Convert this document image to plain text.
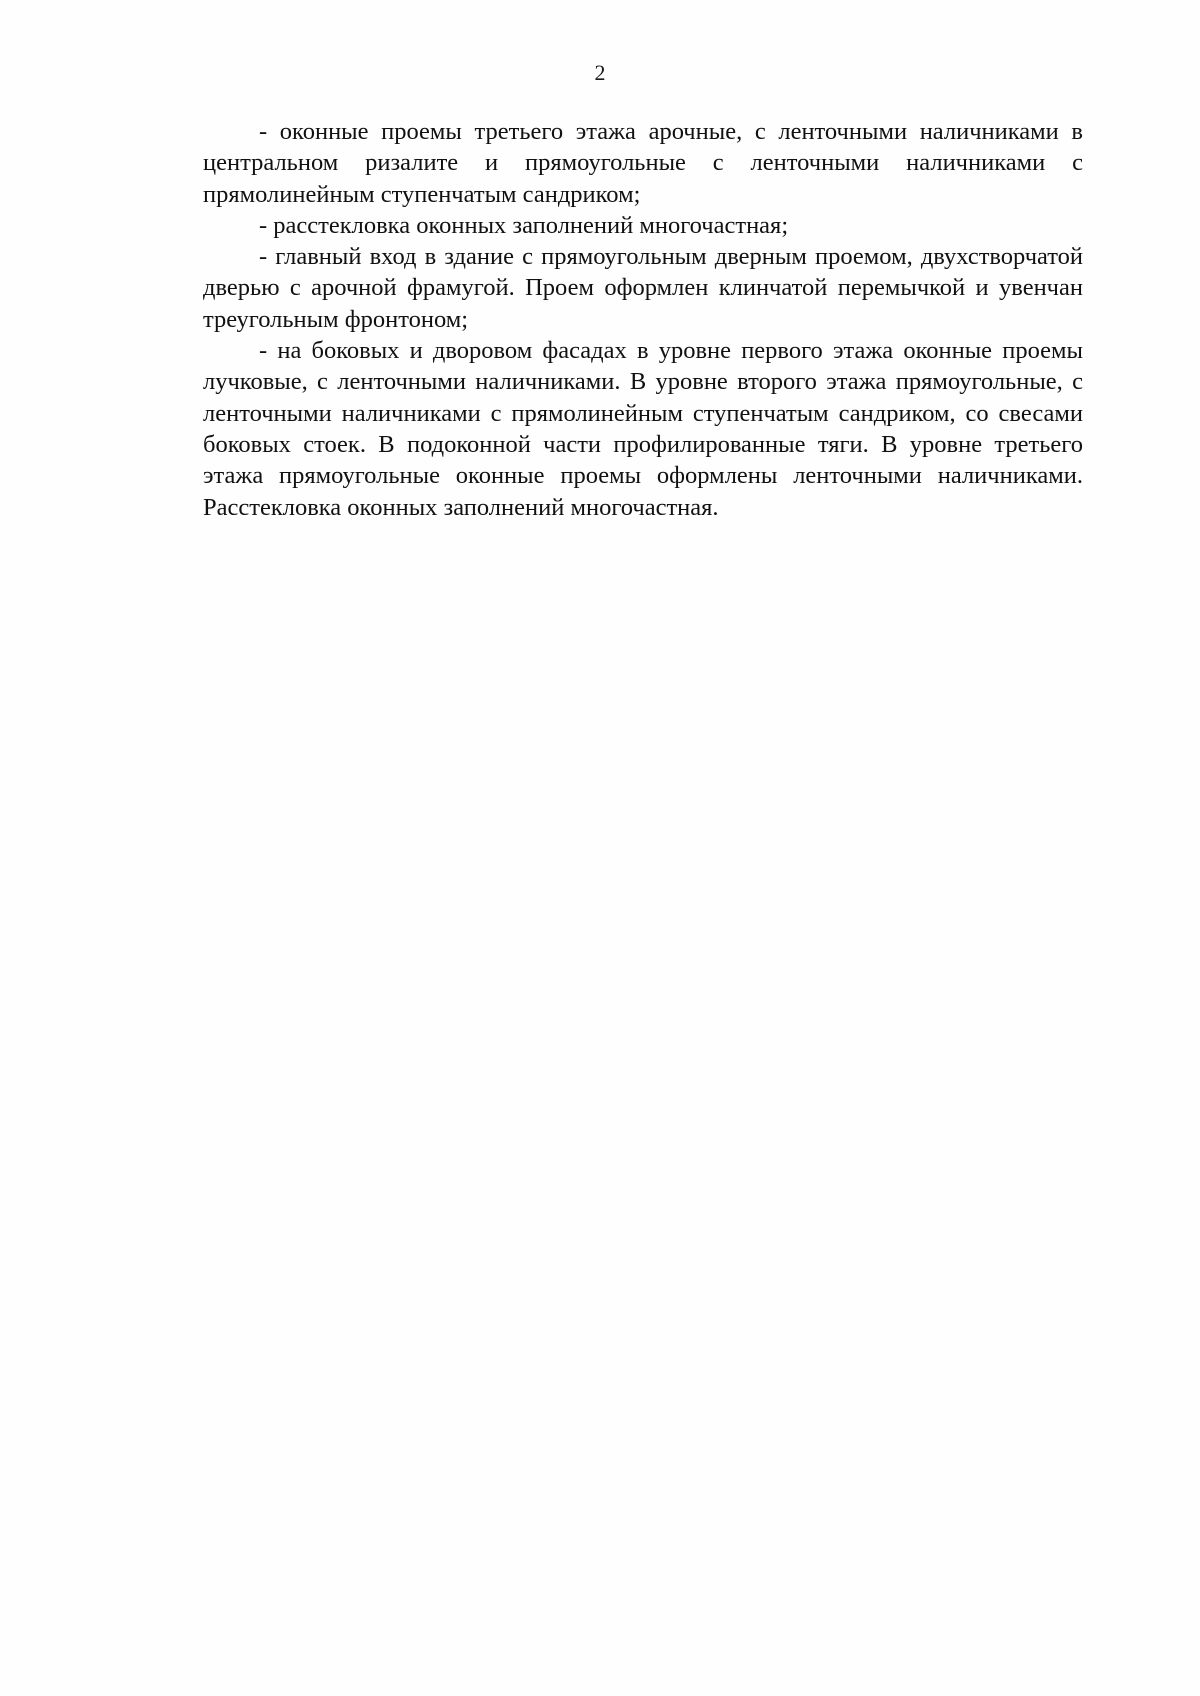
2

- оконные проемы третьего этажа арочные, с ленточными наличниками в центральном ризалите и прямоугольные с ленточными наличниками с прямолинейным ступенчатым сандриком;

- расстекловка оконных заполнений многочастная;

- главный вход в здание с прямоугольным дверным проемом, двухстворчатой дверью с арочной фрамугой. Проем оформлен клинчатой перемычкой и увенчан треугольным фронтоном;

- на боковых и дворовом фасадах в уровне первого этажа оконные проемы лучковые, с ленточными наличниками. В уровне второго этажа прямоугольные, с ленточными наличниками с прямолинейным ступенчатым сандриком, со свесами боковых стоек. В подоконной части профилированные тяги. В уровне третьего этажа прямоугольные оконные проемы оформлены ленточными наличниками. Расстекловка оконных заполнений многочастная.
